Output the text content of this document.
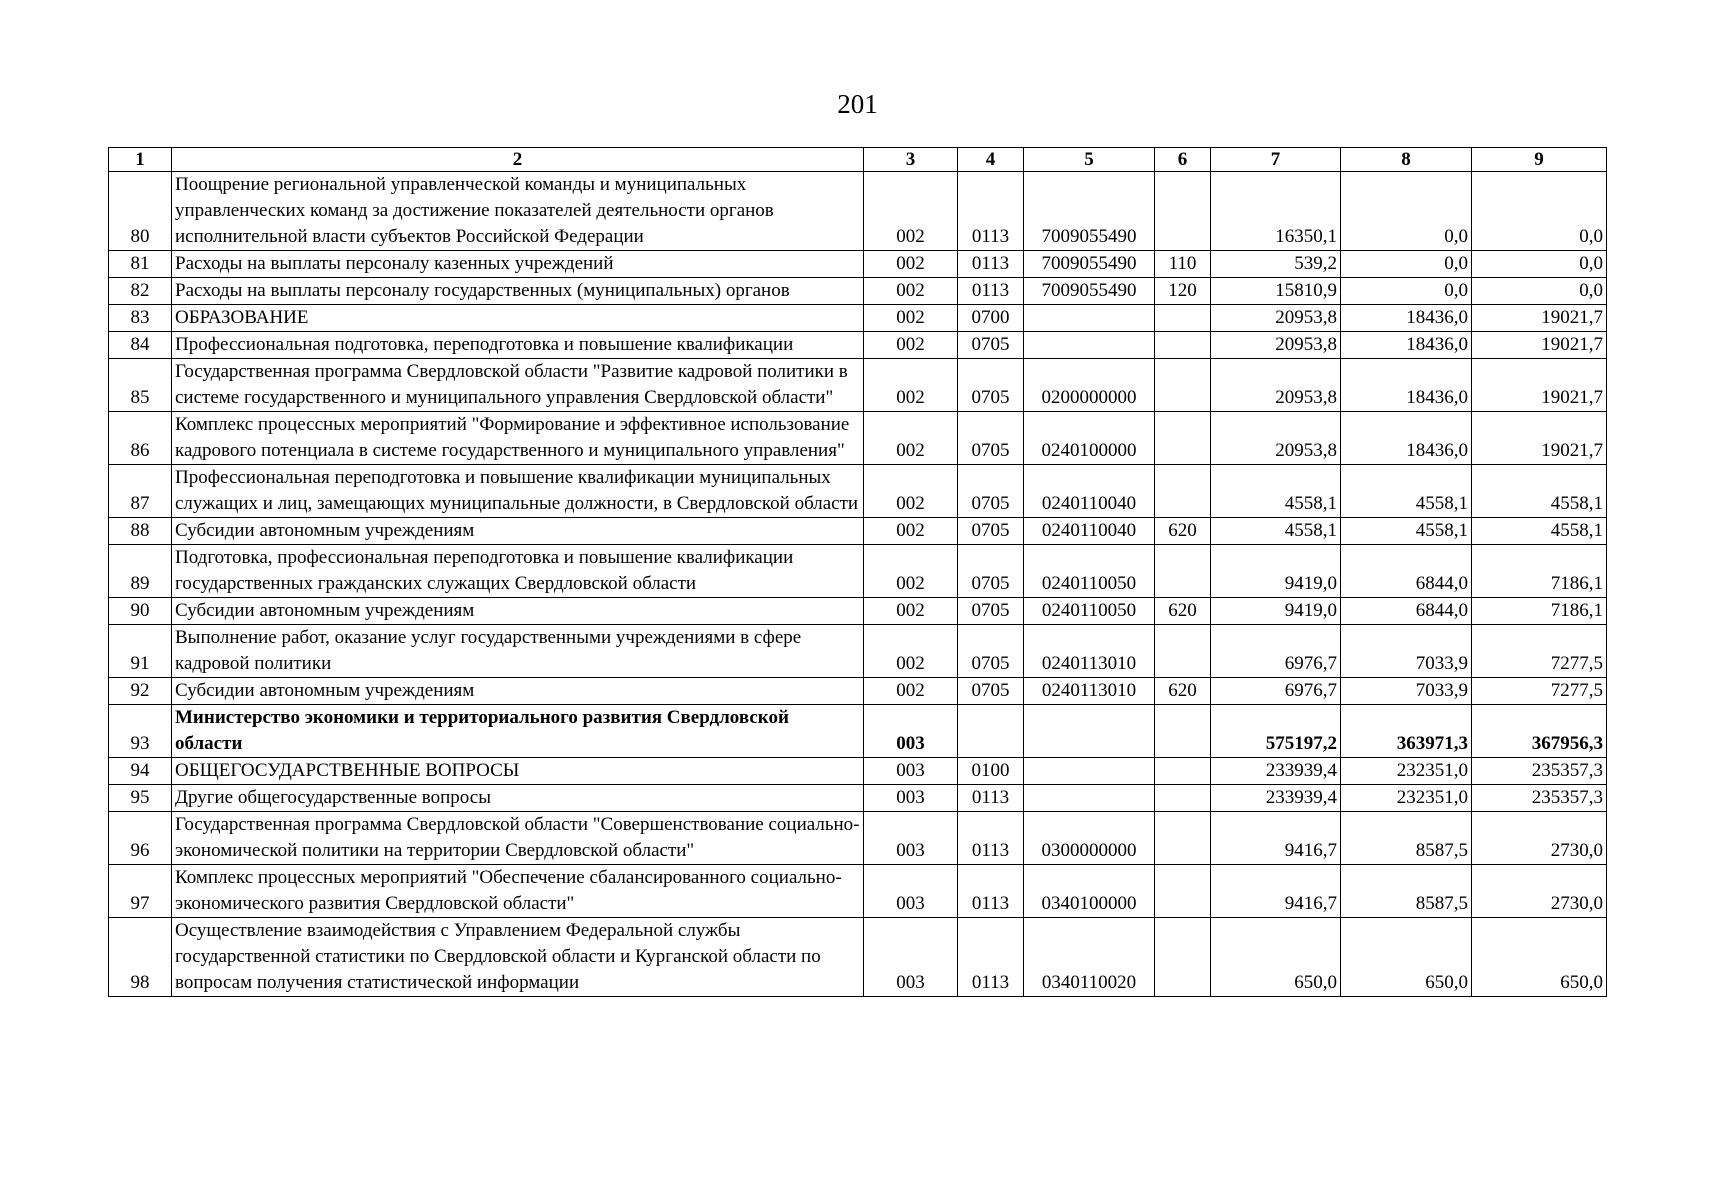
201
1	2	3	4	5	6	7	8	9
80	Поощрение региональной управленческой команды и муниципальных управленческих команд за достижение показателей деятельности органов исполнительной власти субъектов Российской Федерации	002	0113	7009055490		16350,1	0,0	0,0
81	Расходы на выплаты персоналу казенных учреждений	002	0113	7009055490	110	539,2	0,0	0,0
82	Расходы на выплаты персоналу государственных (муниципальных) органов	002	0113	7009055490	120	15810,9	0,0	0,0
83	ОБРАЗОВАНИЕ	002	0700			20953,8	18436,0	19021,7
84	Профессиональная подготовка, переподготовка и повышение квалификации	002	0705			20953,8	18436,0	19021,7
85	Государственная программа Свердловской области "Развитие кадровой политики в системе государственного и муниципального управления Свердловской области"	002	0705	0200000000		20953,8	18436,0	19021,7
86	Комплекс процессных мероприятий "Формирование и эффективное использование кадрового потенциала в системе государственного и муниципального управления"	002	0705	0240100000		20953,8	18436,0	19021,7
87	Профессиональная переподготовка и повышение квалификации муниципальных служащих и лиц, замещающих муниципальные должности, в Свердловской области	002	0705	0240110040		4558,1	4558,1	4558,1
88	Субсидии автономным учреждениям	002	0705	0240110040	620	4558,1	4558,1	4558,1
89	Подготовка, профессиональная переподготовка и повышение квалификации государственных гражданских служащих Свердловской области	002	0705	0240110050		9419,0	6844,0	7186,1
90	Субсидии автономным учреждениям	002	0705	0240110050	620	9419,0	6844,0	7186,1
91	Выполнение работ, оказание услуг государственными учреждениями в сфере кадровой политики	002	0705	0240113010		6976,7	7033,9	7277,5
92	Субсидии автономным учреждениям	002	0705	0240113010	620	6976,7	7033,9	7277,5
93	Министерство экономики и территориального развития Свердловской области	003				575197,2	363971,3	367956,3
94	ОБЩЕГОСУДАРСТВЕННЫЕ ВОПРОСЫ	003	0100			233939,4	232351,0	235357,3
95	Другие общегосударственные вопросы	003	0113			233939,4	232351,0	235357,3
96	Государственная программа Свердловской области "Совершенствование социально-экономической политики на территории Свердловской области"	003	0113	0300000000		9416,7	8587,5	2730,0
97	Комплекс процессных мероприятий "Обеспечение сбалансированного социально-экономического развития Свердловской области"	003	0113	0340100000		9416,7	8587,5	2730,0
98	Осуществление взаимодействия с Управлением Федеральной службы государственной статистики по Свердловской области и Курганской области по вопросам получения статистической информации	003	0113	0340110020		650,0	650,0	650,0
